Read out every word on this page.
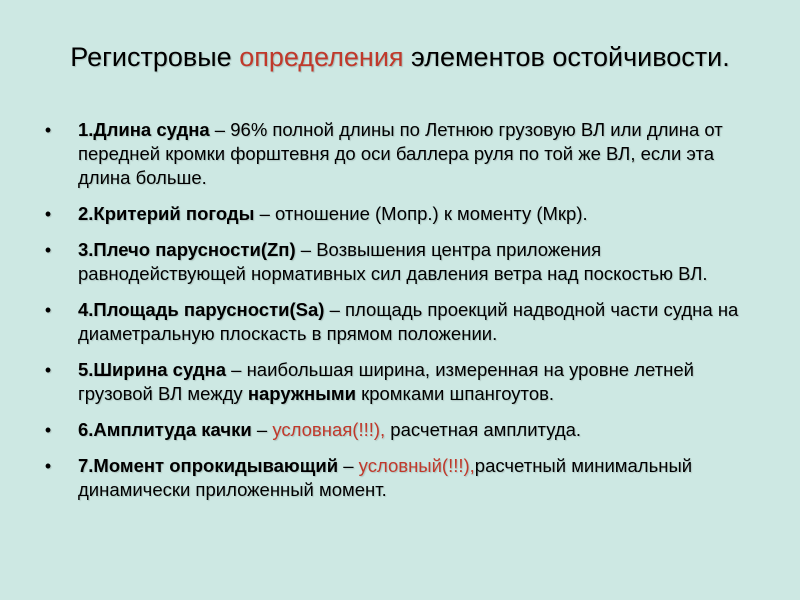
Регистровые определения элементов остойчивости.
• 1.Длина судна – 96% полной длины по Летнюю грузовую ВЛ или длина от передней кромки форштевня до оси баллера руля по той же ВЛ, если эта длина больше.
• 2.Критерий погоды – отношение (Мопр.) к моменту (Мкр).
• 3.Плечо парусности(Zп) – Возвышения центра приложения равнодействующей нормативных сил давления ветра над поскостью ВЛ.
• 4.Площадь парусности(Sa) – площадь проекций надводной части судна на диаметральную плоскасть в прямом положении.
• 5.Ширина судна – наибольшая ширина, измеренная на уровне летней грузовой ВЛ между наружными кромками шпангоутов.
• 6.Амплитуда качки – условная(!!!), расчетная амплитуда.
• 7.Момент опрокидывающий – условный(!!!),расчетный минимальный динамически приложенный момент.
